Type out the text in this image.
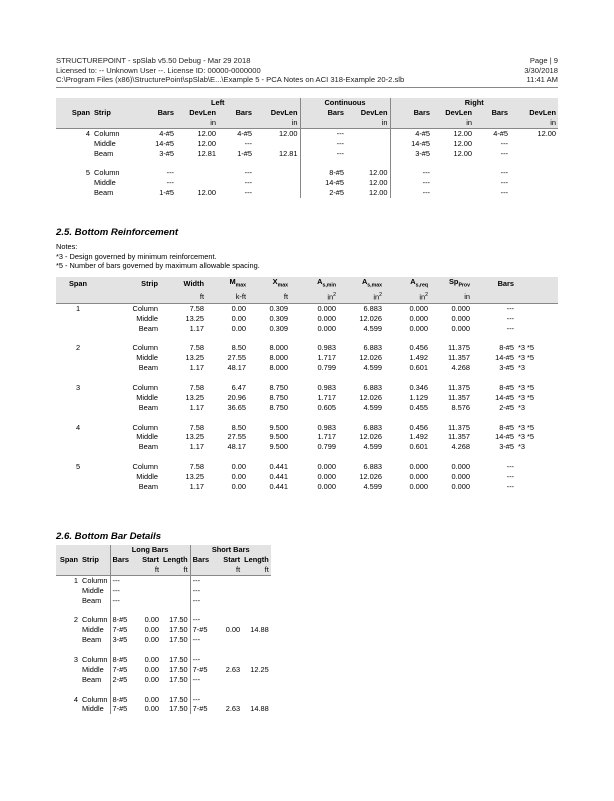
STRUCTUREPOINT - spSlab v5.50 Debug - Mar 29 2018
Licensed to: -- Unknown User --. License ID: 00000-0000000
C:\Program Files (x86)\StructurePoint\spSlab\E...\Example 5 - PCA Notes on ACI 318-Example 20-2.slb
Page | 9
3/30/2018
11:41 AM
		Left				Continuous		Right			
Span	Strip	Bars	DevLen	Bars	DevLen	Bars	DevLen	Bars	DevLen	Bars	DevLen
			in		in		in		in		in
4	Column	4-#5	12.00	4-#5	12.00	---		4-#5	12.00	4-#5	12.00
	Middle	14-#5	12.00	---		---		14-#5	12.00	---	
	Beam	3-#5	12.81	1-#5	12.81	---		3-#5	12.00	---	

5	Column	---		---		8-#5	12.00	---		---	
	Middle	---		---		14-#5	12.00	---		---	
	Beam	1-#5	12.00	---		2-#5	12.00	---		---	
2.5. Bottom Reinforcement
Notes:
*3 - Design governed by minimum reinforcement.
*5 - Number of bars governed by maximum allowable spacing.
Span	Strip	Width	$M_{max}$	$X_{max}$	$A_{s,min}$	$A_{s,max}$	$A_{s,req}$	$Sp_{Prov}$	Bars	
		ft	k-ft	ft	$in^2$	$in^2$	$in^2$	in		
1	Column	7.58	0.00	0.309	0.000	6.883	0.000	0.000	---	
	Middle	13.25	0.00	0.309	0.000	12.026	0.000	0.000	---	
	Beam	1.17	0.00	0.309	0.000	4.599	0.000	0.000	---	

2	Column	7.58	8.50	8.000	0.983	6.883	0.456	11.375	8-#5	*3 *5
	Middle	13.25	27.55	8.000	1.717	12.026	1.492	11.357	14-#5	*3 *5
	Beam	1.17	48.17	8.000	0.799	4.599	0.601	4.268	3-#5	*3

3	Column	7.58	6.47	8.750	0.983	6.883	0.346	11.375	8-#5	*3 *5
	Middle	13.25	20.96	8.750	1.717	12.026	1.129	11.357	14-#5	*3 *5
	Beam	1.17	36.65	8.750	0.605	4.599	0.455	8.576	2-#5	*3

4	Column	7.58	8.50	9.500	0.983	6.883	0.456	11.375	8-#5	*3 *5
	Middle	13.25	27.55	9.500	1.717	12.026	1.492	11.357	14-#5	*3 *5
	Beam	1.17	48.17	9.500	0.799	4.599	0.601	4.268	3-#5	*3

5	Column	7.58	0.00	0.441	0.000	6.883	0.000	0.000	---	
	Middle	13.25	0.00	0.441	0.000	12.026	0.000	0.000	---	
	Beam	1.17	0.00	0.441	0.000	4.599	0.000	0.000	---	
2.6. Bottom Bar Details
		Long Bars			Short Bars		
Span	Strip	Bars	Start	Length	Bars	Start	Length
			ft	ft		ft	ft
1	Column	---			---		
	Middle	---			---		
	Beam	---			---		

2	Column	8-#5	0.00	17.50	---		
	Middle	7-#5	0.00	17.50	7-#5	0.00	14.88
	Beam	3-#5	0.00	17.50	---		

3	Column	8-#5	0.00	17.50	---		
	Middle	7-#5	0.00	17.50	7-#5	2.63	12.25
	Beam	2-#5	0.00	17.50	---		

4	Column	8-#5	0.00	17.50	---		
	Middle	7-#5	0.00	17.50	7-#5	2.63	14.88
